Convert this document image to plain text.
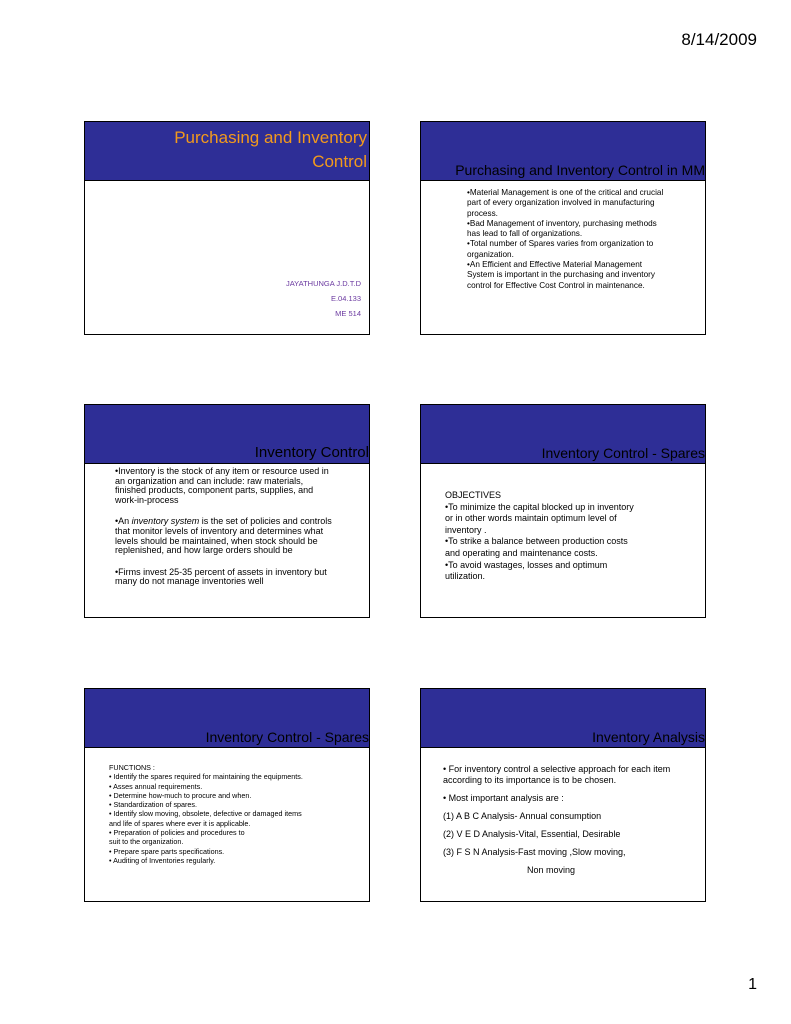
8/14/2009
Purchasing and Inventory
Control
JAYATHUNGA J.D.T.D
E.04.133
ME 514
Purchasing and Inventory Control in MM

•Material Management is one of the critical and crucial

part of every organization involved in manufacturing

process.

•Bad Management of inventory, purchasing methods

has lead to fall of organizations.

•Total number of Spares varies from organization to

organization.

•An Efficient and Effective Material Management

System is important in the purchasing and inventory

control for Effective Cost Control in maintenance.

Inventory Control

•Inventory is the stock of any item or resource used in

an organization and can include: raw materials,

finished products, component parts, supplies, and

work-in-process

•An inventory system is the set of policies and controls

that monitor levels of inventory and determines what

levels should be maintained, when stock should be

replenished, and how large orders should be

•Firms invest 25-35 percent of assets in inventory but

many do not manage inventories well

Inventory Control - Spares

OBJECTIVES

•To minimize the capital blocked up in inventory

or in other words maintain optimum level of

inventory .

•To strike a balance between production costs

and operating and maintenance costs.

•To avoid wastages, losses and optimum

utilization.

Inventory Control - Spares

FUNCTIONS :

• Identify the spares required for maintaining the equipments.

• Asses annual requirements.

• Determine how-much to procure and when.

• Standardization of spares.

• Identify slow moving, obsolete, defective or damaged items

and life of spares where ever it is applicable.

• Preparation of policies and procedures to

suit to the organization.

• Prepare spare parts specifications.

• Auditing of Inventories regularly.

Inventory Analysis

• For inventory control a selective approach for each item
according to its importance is to be chosen.

• Most important analysis are :

(1) A B C Analysis- Annual consumption

(2) V E D Analysis-Vital, Essential, Desirable

(3) F S N Analysis-Fast moving ,Slow moving,

Non moving

1
